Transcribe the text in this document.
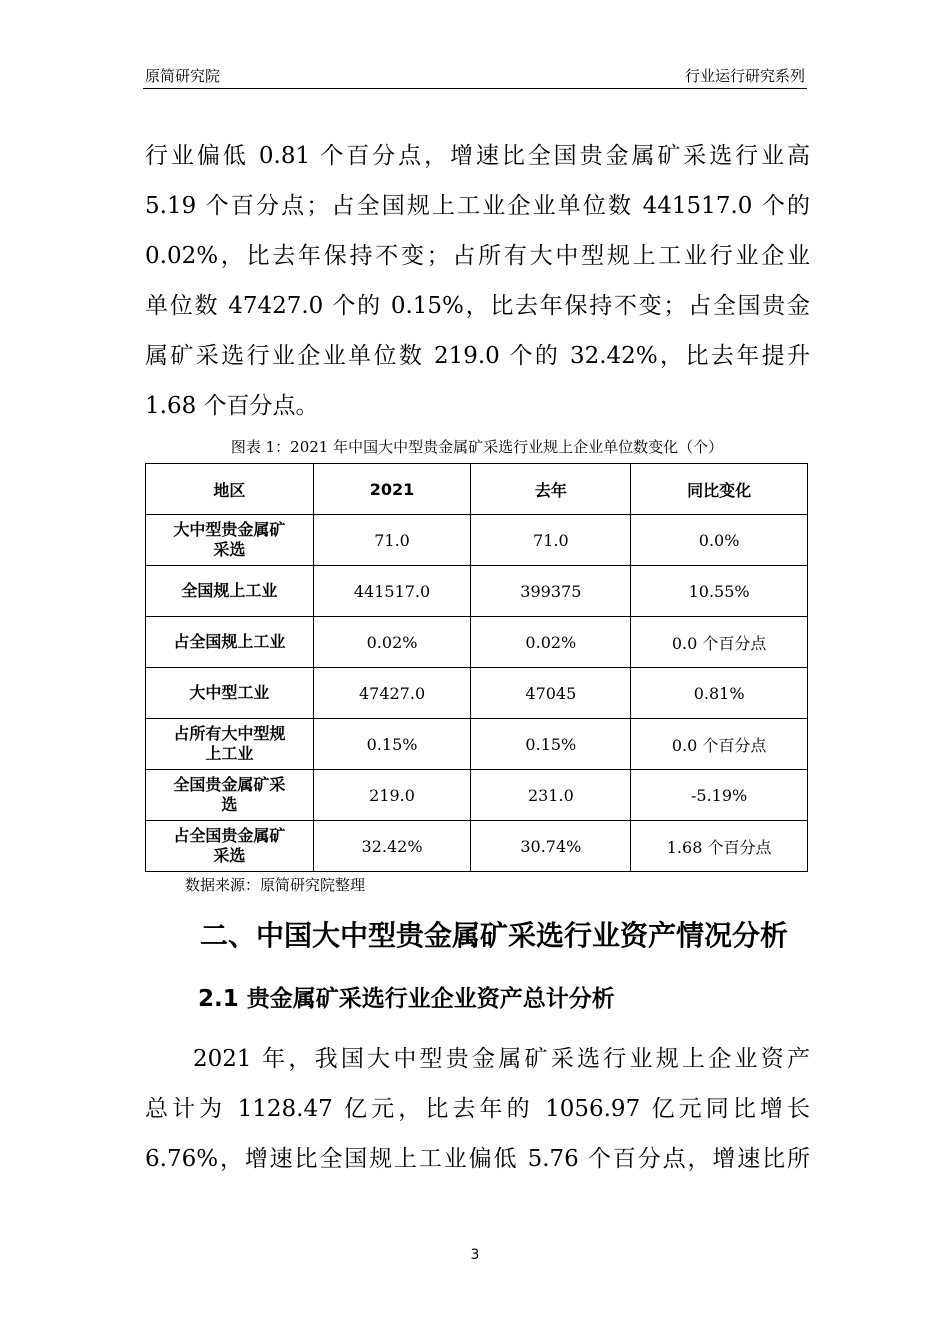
原简研究院	行业运行研究系列
行业偏低 0.81 个百分点，增速比全国贵金属矿采选行业高
5.19 个百分点；占全国规上工业企业单位数 441517.0 个的
0.02%，比去年保持不变；占所有大中型规上工业行业企业
单位数 47427.0 个的 0.15%，比去年保持不变；占全国贵金
属矿采选行业企业单位数 219.0 个的 32.42%，比去年提升
1.68 个百分点。
图表 1：2021 年中国大中型贵金属矿采选行业规上企业单位数变化（个）
地区	2021	去年	同比变化

大中型贵金属矿
采选	71.0	71.0	0.0%

全国规上工业	441517.0	399375	10.55%

占全国规上工业	0.02%	0.02%	0.0 个百分点

大中型工业	47427.0	47045	0.81%

占所有大中型规
上工业	0.15%	0.15%	0.0 个百分点

全国贵金属矿采
选	219.0	231.0	-5.19%

占全国贵金属矿
采选	32.42%	30.74%	1.68 个百分点
数据来源：原简研究院整理
二、中国大中型贵金属矿采选行业资产情况分析
2.1 贵金属矿采选行业企业资产总计分析
2021 年，我国大中型贵金属矿采选行业规上企业资产
总计为 1128.47 亿元，比去年的 1056.97 亿元同比增长
6.76%，增速比全国规上工业偏低 5.76 个百分点，增速比所
3
